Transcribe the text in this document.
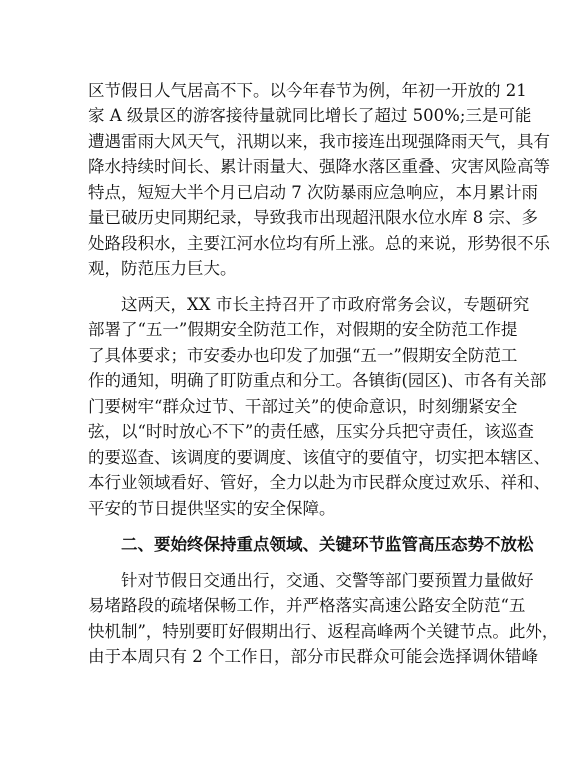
区节假日人气居高不下。以今年春节为例，年初一开放的 21
家 A 级景区的游客接待量就同比增长了超过 500%;三是可能
遭遇雷雨大风天气，汛期以来，我市接连出现强降雨天气，具有
降水持续时间长、累计雨量大、强降水落区重叠、灾害风险高等
特点，短短大半个月已启动 7 次防暴雨应急响应，本月累计雨
量已破历史同期纪录，导致我市出现超汛限水位水库 8 宗、多
处路段积水，主要江河水位均有所上涨。总的来说，形势很不乐
观，防范压力巨大。
这两天，XX 市长主持召开了市政府常务会议，专题研究
部署了“五一”假期安全防范工作，对假期的安全防范工作提
了具体要求；市安委办也印发了加强“五一”假期安全防范工
作的通知，明确了盯防重点和分工。各镇街(园区)、市各有关部
门要树牢“群众过节、干部过关”的使命意识，时刻绷紧安全
弦，以“时时放心不下”的责任感，压实分兵把守责任，该巡查
的要巡查、该调度的要调度、该值守的要值守，切实把本辖区、
本行业领域看好、管好，全力以赴为市民群众度过欢乐、祥和、
平安的节日提供坚实的安全保障。
二、要始终保持重点领域、关键环节监管高压态势不放松
针对节假日交通出行，交通、交警等部门要预置力量做好
易堵路段的疏堵保畅工作，并严格落实高速公路安全防范“五
快机制”，特别要盯好假期出行、返程高峰两个关键节点。此外，
由于本周只有 2 个工作日，部分市民群众可能会选择调休错峰
